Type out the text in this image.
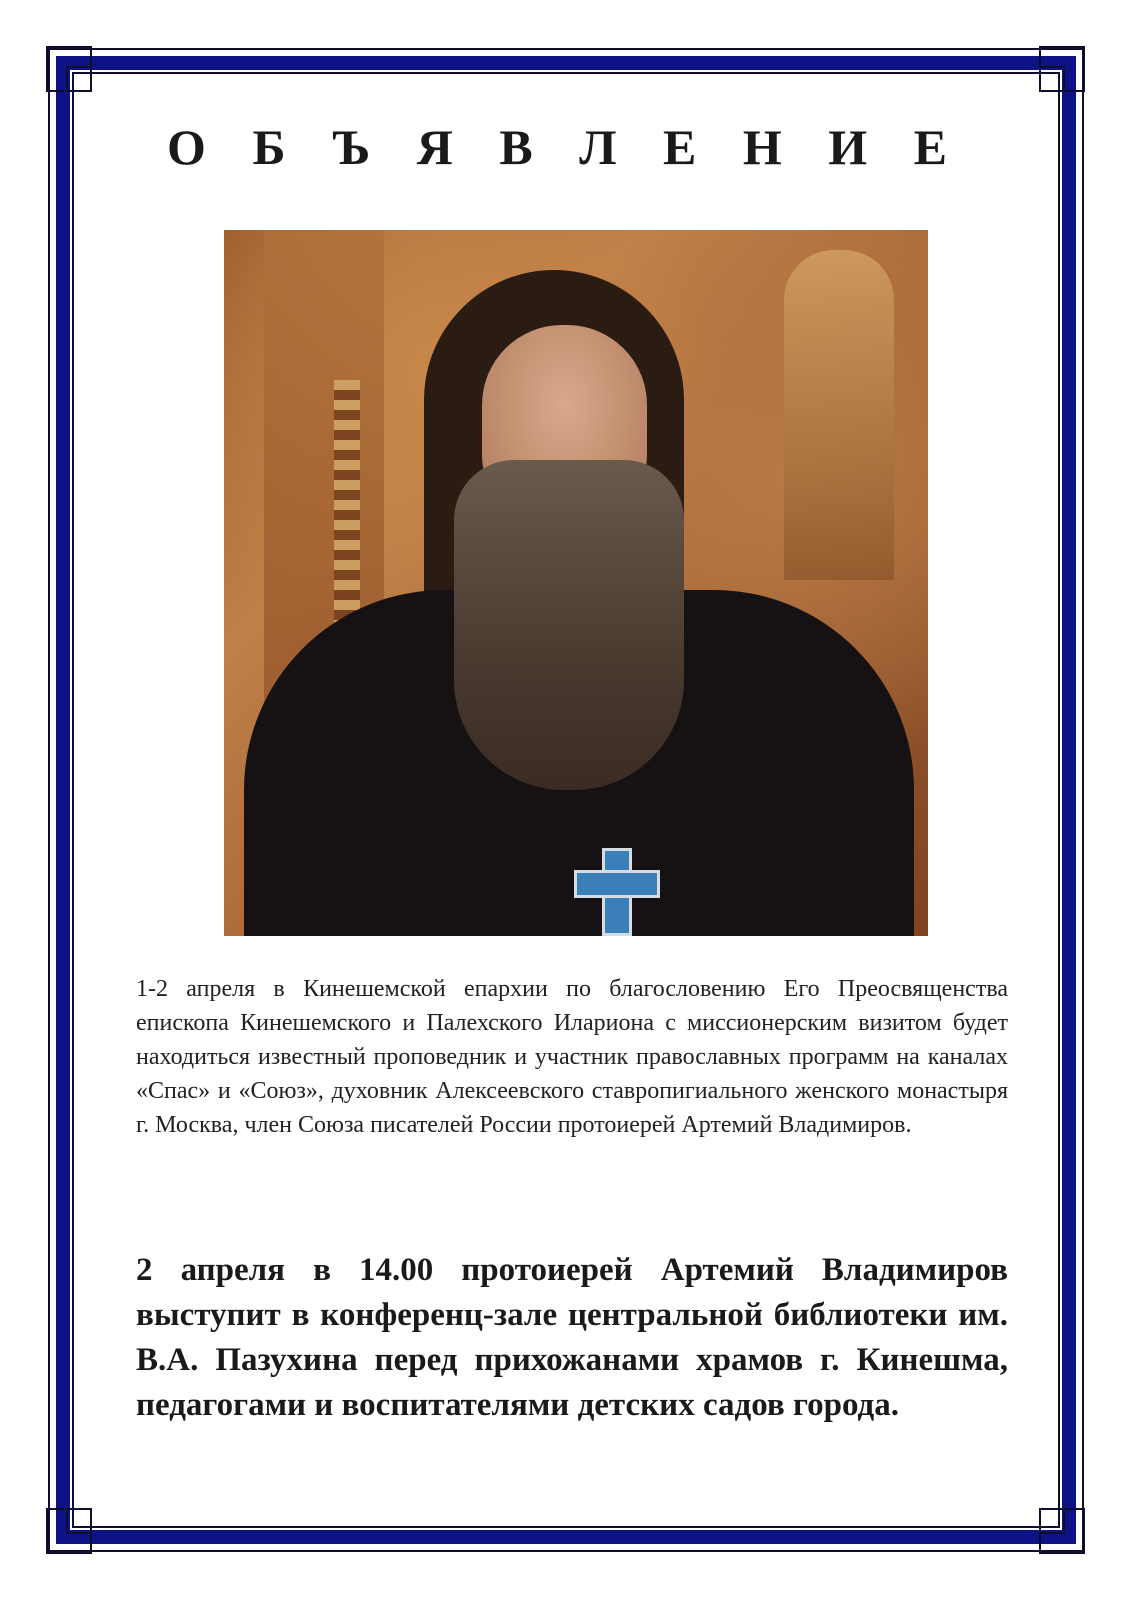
О Б Ъ Я В Л Е Н И Е

1-2 апреля в Кинешемской епархии по благословению Его Преосвященства епископа Кинешемского и Палехского Илариона с миссионерским визитом будет находиться известный проповедник и участник православных программ на каналах «Спас» и «Союз», духовник Алексеевского ставропигиального женского монастыря г. Москва, член Союза писателей России протоиерей Артемий Владимиров.

2 апреля в 14.00 протоиерей Артемий Владимиров выступит в конференц-зале центральной библиотеки им. В.А. Пазухина перед прихожанами храмов г. Кинешма, педагогами и воспитателями детских садов города.
